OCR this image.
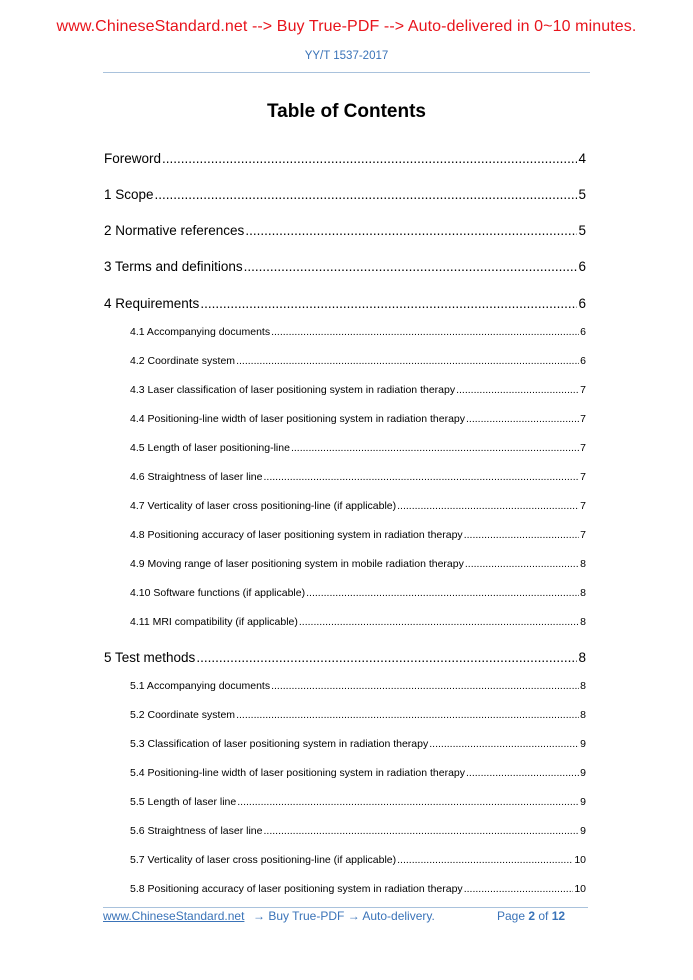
www.ChineseStandard.net --> Buy True-PDF --> Auto-delivered in 0~10 minutes.
YY/T 1537-2017
Table of Contents
Foreword .....	4
1 Scope .....	5
2 Normative references .....	5
3 Terms and definitions .....	6
4 Requirements .....	6
4.1 Accompanying documents .....	6
4.2 Coordinate system .....	6
4.3 Laser classification of laser positioning system in radiation therapy .....	7
4.4 Positioning-line width of laser positioning system in radiation therapy .....	7
4.5 Length of laser positioning-line .....	7
4.6 Straightness of laser line .....	7
4.7 Verticality of laser cross positioning-line (if applicable) .....	7
4.8 Positioning accuracy of laser positioning system in radiation therapy .....	7
4.9 Moving range of laser positioning system in mobile radiation therapy .....	8
4.10 Software functions (if applicable) .....	8
4.11 MRI compatibility (if applicable) .....	8
5 Test methods .....	8
5.1 Accompanying documents .....	8
5.2 Coordinate system .....	8
5.3 Classification of laser positioning system in radiation therapy .....	9
5.4 Positioning-line width of laser positioning system in radiation therapy .....	9
5.5 Length of laser line .....	9
5.6 Straightness of laser line .....	9
5.7 Verticality of laser cross positioning-line (if applicable) .....	10
5.8 Positioning accuracy of laser positioning system in radiation therapy .....	10
www.ChineseStandard.net → Buy True-PDF → Auto-delivery.	Page 2 of 12
